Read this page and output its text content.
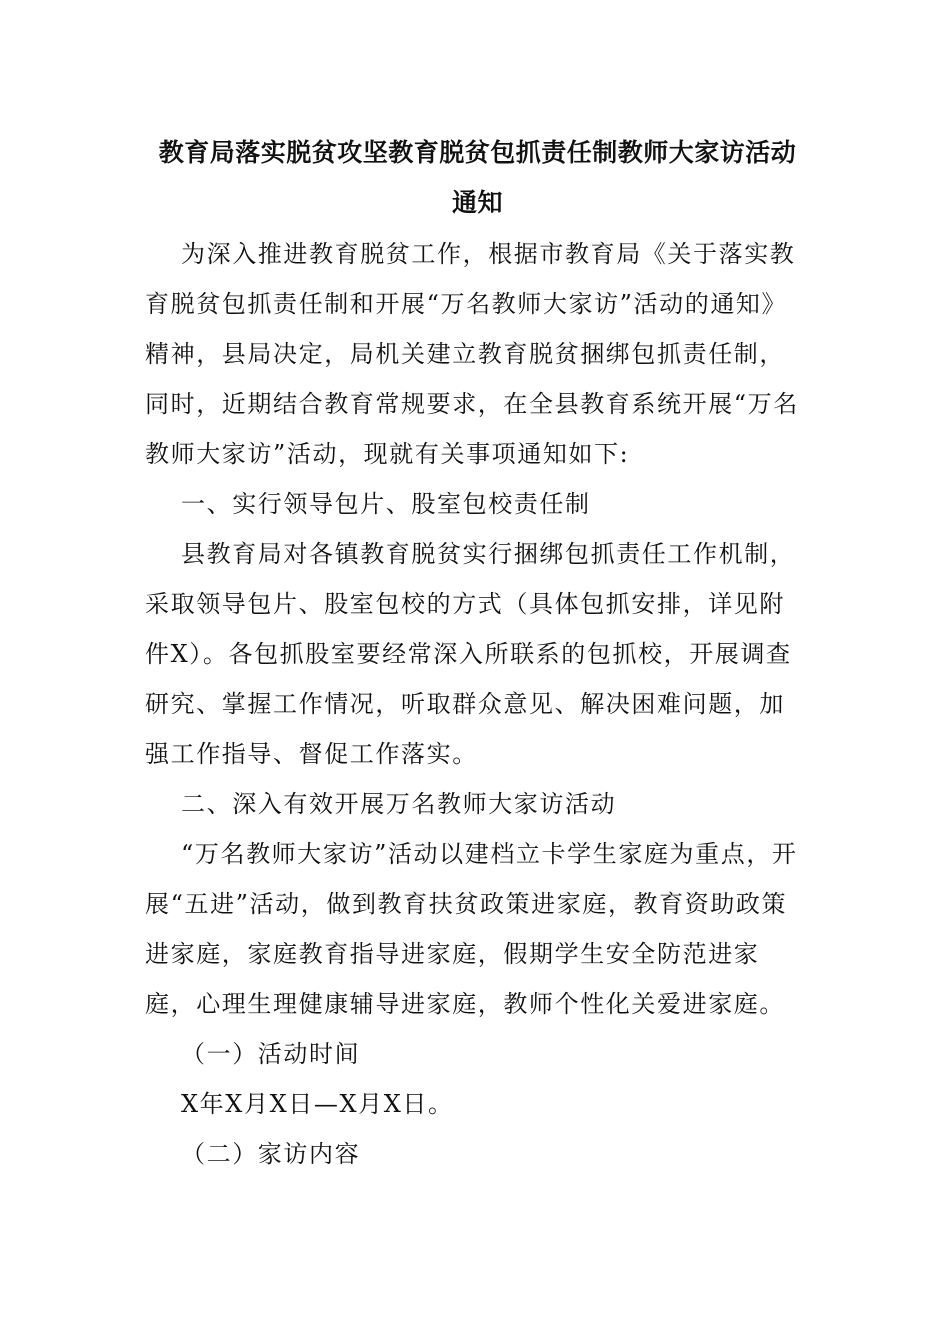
教育局落实脱贫攻坚教育脱贫包抓责任制教师大家访活动
通知

为深入推进教育脱贫工作，根据市教育局《关于落实教育脱贫包抓责任制和开展“万名教师大家访”活动的通知》精神，县局决定，局机关建立教育脱贫捆绑包抓责任制，同时，近期结合教育常规要求，在全县教育系统开展“万名教师大家访”活动，现就有关事项通知如下:

一、实行领导包片、股室包校责任制

县教育局对各镇教育脱贫实行捆绑包抓责任工作机制，采取领导包片、股室包校的方式（具体包抓安排，详见附件X）。各包抓股室要经常深入所联系的包抓校，开展调查研究、掌握工作情况，听取群众意见、解决困难问题，加强工作指导、督促工作落实。

二、深入有效开展万名教师大家访活动

“万名教师大家访”活动以建档立卡学生家庭为重点，开展“五进”活动，做到教育扶贫政策进家庭，教育资助政策进家庭，家庭教育指导进家庭，假期学生安全防范进家庭，心理生理健康辅导进家庭，教师个性化关爱进家庭。

（一）活动时间

X年X月X日—X月X日。

（二）家访内容
